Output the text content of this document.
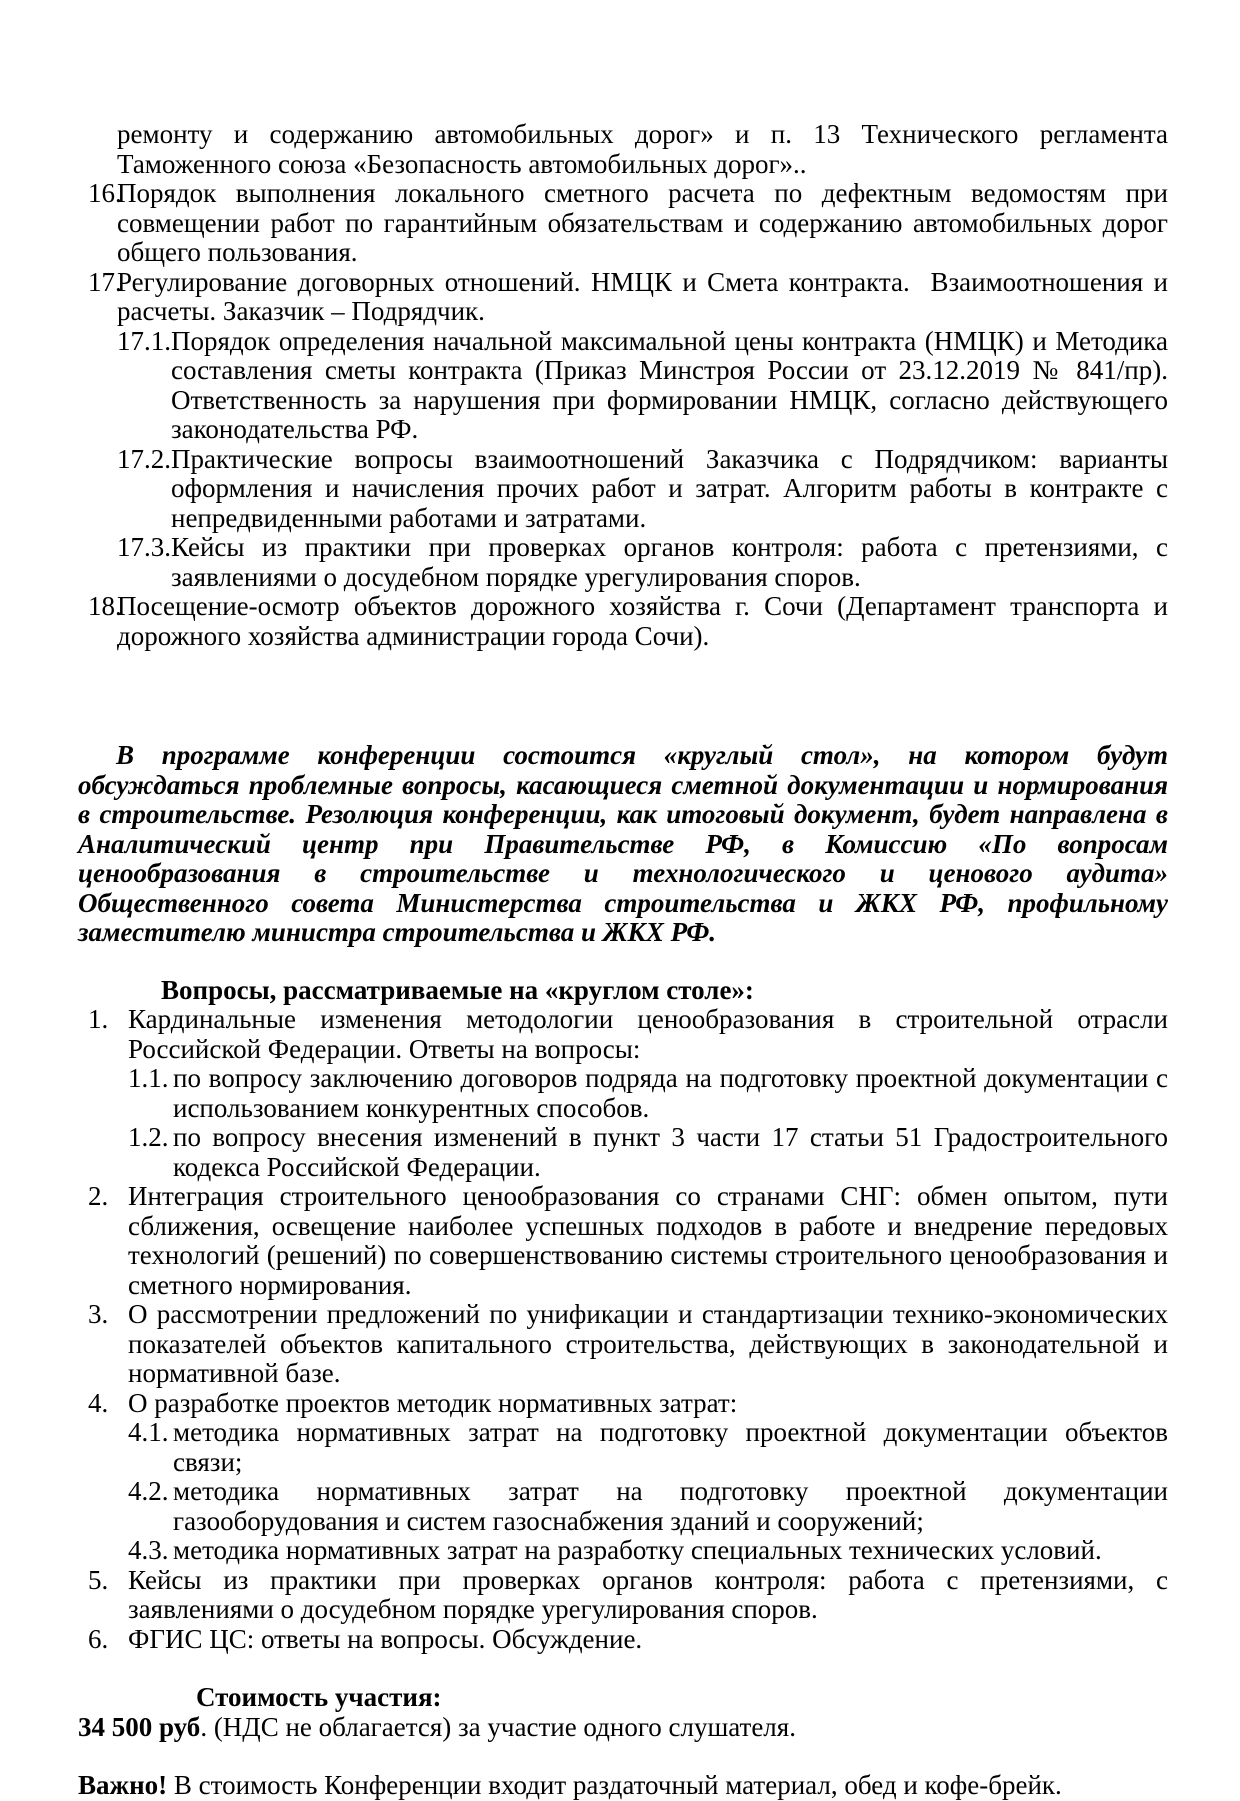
ремонту и содержанию автомобильных дорог» и п. 13 Технического регламента Таможенного союза «Безопасность автомобильных дорог»..
16.
Порядок выполнения локального сметного расчета по дефектным ведомостям при совмещении работ по гарантийным обязательствам и содержанию автомобильных дорог общего пользования.
17.
Регулирование договорных отношений. НМЦК и Смета контракта.  Взаимоотношения и расчеты. Заказчик – Подрядчик.
17.1. Порядок определения начальной максимальной цены контракта (НМЦК) и Методика составления сметы контракта (Приказ Минстроя России от 23.12.2019 № 841/пр). Ответственность за нарушения при формировании НМЦК, согласно действующего законодательства РФ.
17.2. Практические вопросы взаимоотношений Заказчика с Подрядчиком: варианты оформления и начисления прочих работ и затрат. Алгоритм работы в контракте с непредвиденными работами и затратами.
17.3. Кейсы из практики при проверках органов контроля: работа с претензиями, с заявлениями о досудебном порядке урегулирования споров.
18.
Посещение-осмотр объектов дорожного хозяйства г. Сочи (Департамент транспорта и дорожного хозяйства администрации города Сочи).
В программе конференции состоится «круглый стол», на котором будут обсуждаться проблемные вопросы, касающиеся сметной документации и нормирования в строительстве. Резолюция конференции, как итоговый документ, будет направлена в Аналитический центр при Правительстве РФ, в Комиссию «По вопросам ценообразования в строительстве и технологического и ценового аудита» Общественного совета Министерства строительства и ЖКХ РФ, профильному заместителю министра строительства и ЖКХ РФ.
Вопросы, рассматриваемые на «круглом столе»:
1. Кардинальные изменения методологии ценообразования в строительной отрасли Российской Федерации. Ответы на вопросы:
1.1. по вопросу заключению договоров подряда на подготовку проектной документации с использованием конкурентных способов.
1.2. по вопросу внесения изменений в пункт 3 части 17 статьи 51 Градостроительного кодекса Российской Федерации.
2. Интеграция строительного ценообразования со странами СНГ: обмен опытом, пути сближения, освещение наиболее успешных подходов в работе и внедрение передовых технологий (решений) по совершенствованию системы строительного ценообразования и сметного нормирования.
3. О рассмотрении предложений по унификации и стандартизации технико-экономических показателей объектов капитального строительства, действующих в законодательной и нормативной базе.
4. О разработке проектов методик нормативных затрат:
4.1. методика нормативных затрат на подготовку проектной документации объектов связи;
4.2. методика нормативных затрат на подготовку проектной документации газооборудования и систем газоснабжения зданий и сооружений;
4.3. методика нормативных затрат на разработку специальных технических условий.
5. Кейсы из практики при проверках органов контроля: работа с претензиями, с заявлениями о досудебном порядке урегулирования споров.
6. ФГИС ЦС: ответы на вопросы. Обсуждение.
Стоимость участия:
34 500 руб. (НДС не облагается) за участие одного слушателя.
Важно! В стоимость Конференции входит раздаточный материал, обед и кофе-брейк.
